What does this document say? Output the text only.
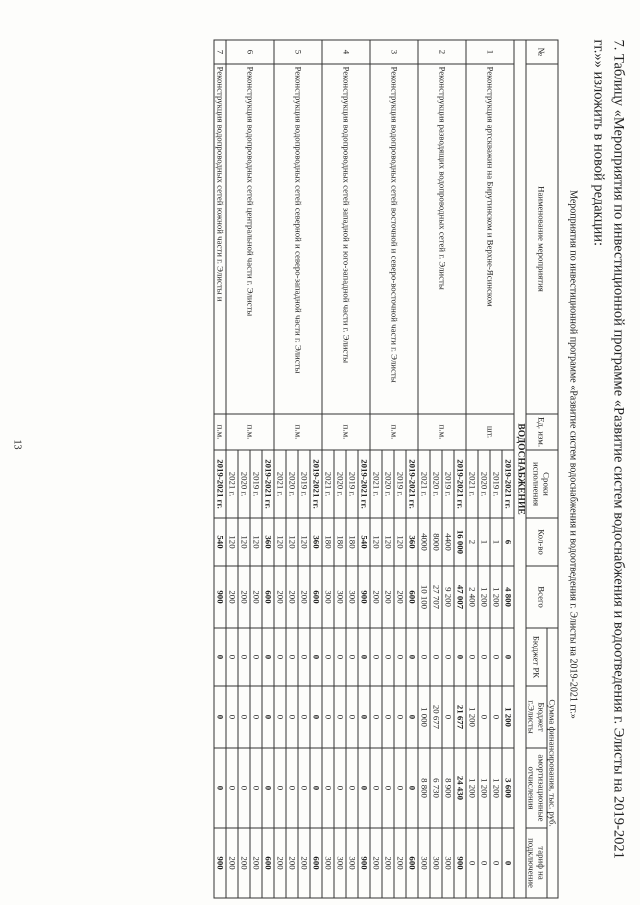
7. Таблицу «Мероприятия по инвестиционной программе «Развитие систем водоснабжения и водоотведения г. Элисты на 2019-2021 гг.»» изложить в новой редакции:
Мероприятия по инвестиционной программе «Развитие систем водоснабжения и водоотведения г. Элисты на 2019-2021 гг.»
№	Наименование мероприятия	Ед. изм.	Сроки исполнения	Кол-во	Всего	Сумма финансирования, тыс. руб.			
						Бюджет РК	Бюджет г.Элисты	амортизационные отчисления	тариф на подключение
ВОДОСНАБЖЕНИЕ									
1	Реконструкция артскважин на Бирутинском и Верхне-Ясинском	шт.	2019-2021 гг.	6	4 800	0	1 200	3 600	0
			2019 г.	1	1 200	0	0	1 200	0
			2020 г.	1	1 200	0	0	1 200	0
			2021 г.	2	2 400	0	1 200	1 200	0
2	Реконструкция разводящих водопроводных сетей г. Элисты	п.м.	2019-2021 гг.	16 000	47 007	0	21 677	24 430	900
			2019 г.	4400	9 200	0	0	8 900	300
			2020 г.	8000	27 707	0	20 677	6 730	300
			2021 г.	4000	10 100	0	1 000	8 800	300
3	Реконструкция водопроводных сетей восточной и северо-восточной части г. Элисты	п.м.	2019-2021 гг.	360	600	0	0	0	600
			2019 г.	120	200	0	0	0	200
			2020 г.	120	200	0	0	0	200
			2021 г.	120	200	0	0	0	200
4	Реконструкция водопроводных сетей западной и юго-западной части г. Элисты	п.м.	2019-2021 гг.	540	900	0	0	0	900
			2019 г.	180	300	0	0	0	300
			2020 г.	180	300	0	0	0	300
			2021 г.	180	300	0	0	0	300
5	Реконструкция водопроводных сетей северной и северо-западной части г. Элисты	п.м.	2019-2021 гг.	360	600	0	0	0	600
			2019 г.	120	200	0	0	0	200
			2020 г.	120	200	0	0	0	200
			2021 г.	120	200	0	0	0	200
6	Реконструкция водопроводных сетей центральной части г. Элисты	п.м.	2019-2021 гг.	360	600	0	0	0	600
			2019 г.	120	200	0	0	0	200
			2020 г.	120	200	0	0	0	200
			2021 г.	120	200	0	0	0	200
7	Реконструкция водопроводных сетей южной части г. Элисты и	п.м.	2019-2021 гг.	540	900	0	0	0	900
13
